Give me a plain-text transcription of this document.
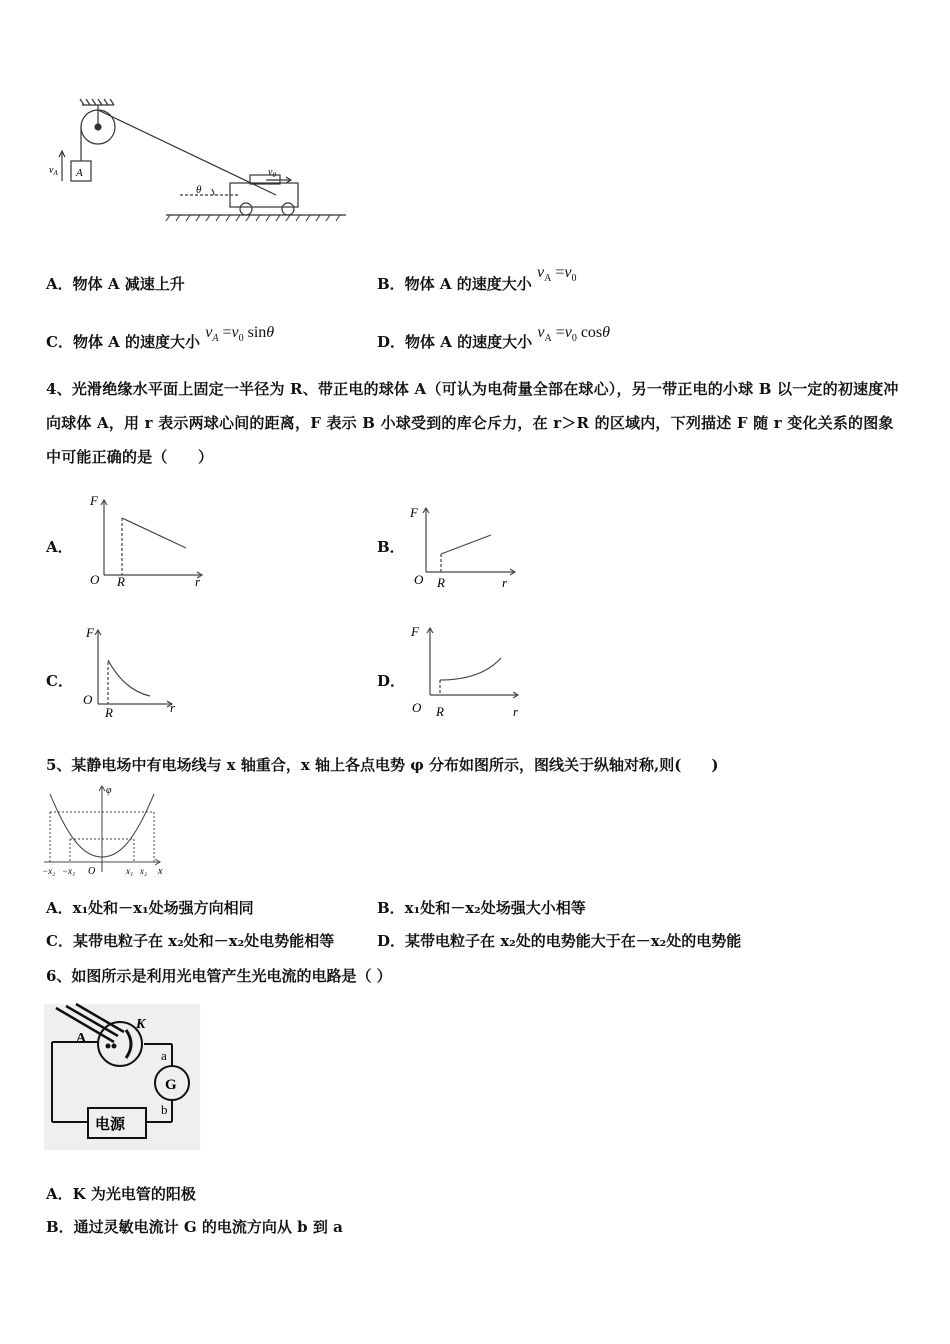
$v_A$ A	$v_0$
θ
A．物体 A 减速上升	B．物体 A 的速度大小 $v_A =v_0$
C．物体 A 的速度大小 $v_A =v_0$ sinθ
D．物体 A 的速度大小 $v_A =v_0$ cosθ
4、光滑绝缘水平面上固定一半径为 R、带正电的球体 A（可认为电荷量全部在球心），另一带正电的小球 B 以一定的初速度冲向球体 A，用 r 表示两球心间的距离，F 表示 B 小球受到的库仑斥力，在 r＞R 的区域内，下列描述 F 随 r 变化关系的图象中可能正确的是（　　）
A．	B．
C．	D．
F
O R	r
F
O R	r
F
O
R	r
F
O R	r
5、某静电场中有电场线与 x 轴重合，x 轴上各点电势 φ 分布如图所示，图线关于纵轴对称,则(　　)
φ
x
O
−x₂ −x₁	x₁ x₂
A．x₁处和－x₁处场强方向相同	B．x₁处和－x₂处场强大小相等
C．某带电粒子在 x₂处和－x₂处电势能相等	D．某带电粒子在 x₂处的电势能大于在－x₂处的电势能
6、如图所示是利用光电管产生光电流的电路是（ ）
A
K
a
b
G
电源
A．K 为光电管的阳极
B．通过灵敏电流计 G 的电流方向从 b 到 a
